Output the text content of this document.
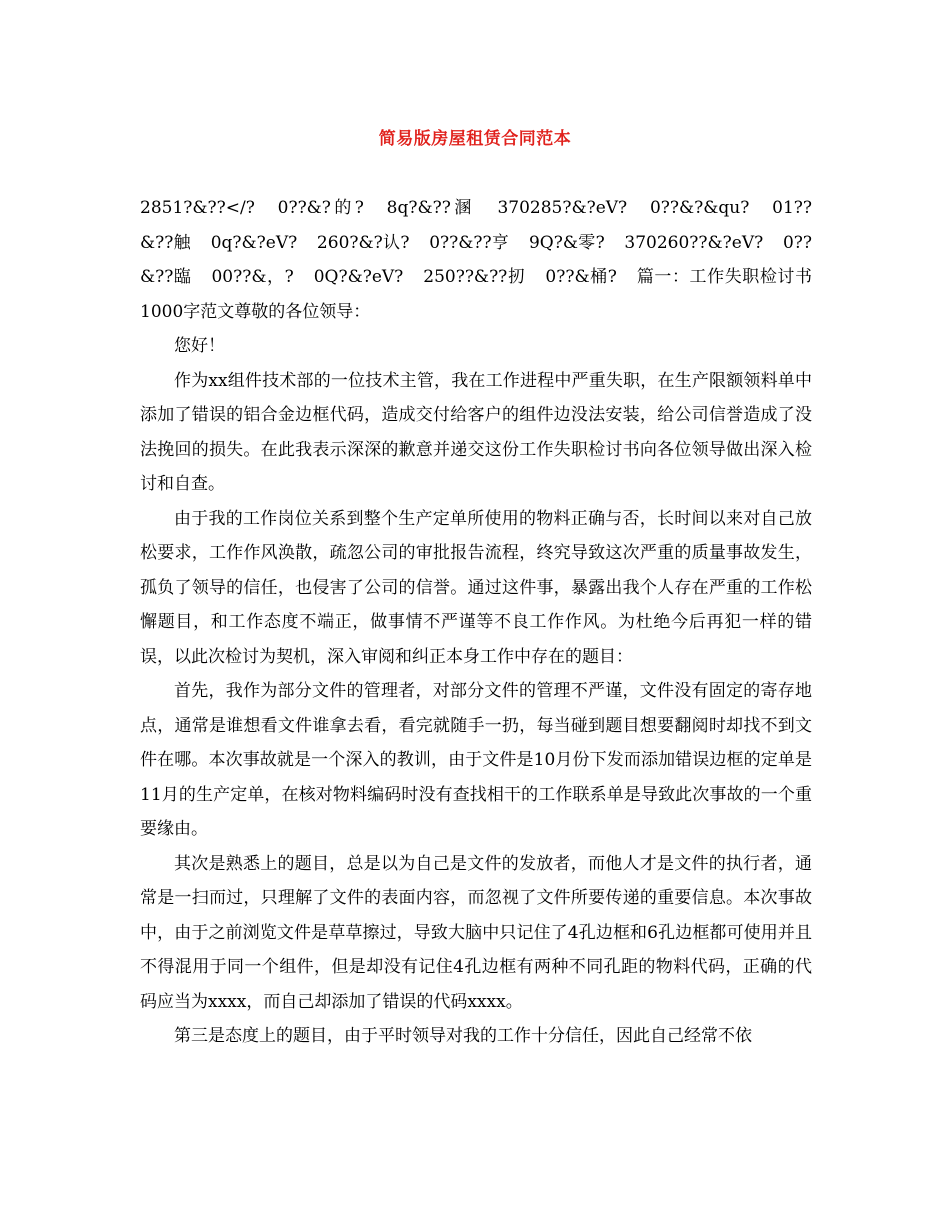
简易版房屋租赁合同范本

2851?&??</? 0??&?的? 8q?&??溷 370285?&?eV? 0??&?&qu? 01??&??触 0q?&?eV? 260?&?认? 0??&??亨 9Q?&零? 370260??&?eV? 0??&??臨 00??&，? 0Q?&?eV? 250??&??扨 0??&桶? 篇一：工作失职检讨书1000字范文尊敬的各位领导：

您好！

作为xx组件技术部的一位技术主管，我在工作进程中严重失职，在生产限额领料单中添加了错误的铝合金边框代码，造成交付给客户的组件边没法安装，给公司信誉造成了没法挽回的损失。在此我表示深深的歉意并递交这份工作失职检讨书向各位领导做出深入检讨和自查。

由于我的工作岗位关系到整个生产定单所使用的物料正确与否，长时间以来对自己放松要求，工作作风涣散，疏忽公司的审批报告流程，终究导致这次严重的质量事故发生，孤负了领导的信任，也侵害了公司的信誉。通过这件事，暴露出我个人存在严重的工作松懈题目，和工作态度不端正，做事情不严谨等不良工作作风。为杜绝今后再犯一样的错误，以此次检讨为契机，深入审阅和纠正本身工作中存在的题目：

首先，我作为部分文件的管理者，对部分文件的管理不严谨，文件没有固定的寄存地点，通常是谁想看文件谁拿去看，看完就随手一扔，每当碰到题目想要翻阅时却找不到文件在哪。本次事故就是一个深入的教训，由于文件是10月份下发而添加错误边框的定单是11月的生产定单，在核对物料编码时没有查找相干的工作联系单是导致此次事故的一个重要缘由。

其次是熟悉上的题目，总是以为自己是文件的发放者，而他人才是文件的执行者，通常是一扫而过，只理解了文件的表面内容，而忽视了文件所要传递的重要信息。本次事故中，由于之前浏览文件是草草擦过，导致大脑中只记住了4孔边框和6孔边框都可使用并且不得混用于同一个组件，但是却没有记住4孔边框有两种不同孔距的物料代码，正确的代码应当为xxxx，而自己却添加了错误的代码xxxx。

第三是态度上的题目，由于平时领导对我的工作十分信任，因此自己经常不依
